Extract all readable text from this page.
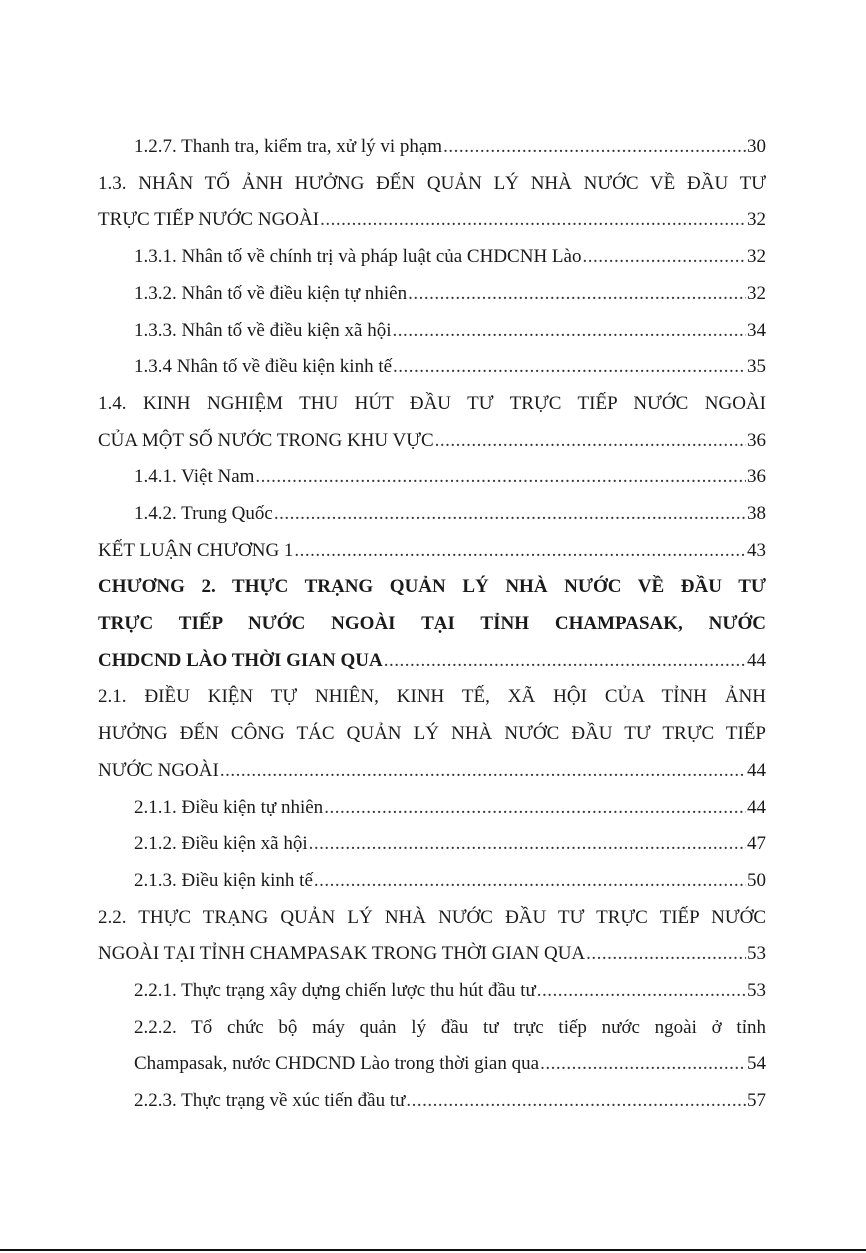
1.2.7. Thanh tra, kiểm tra, xử lý vi phạm .....	30
1.3. NHÂN TỐ ẢNH HƯỞNG ĐẾN QUẢN LÝ NHÀ NƯỚC VỀ ĐẦU TƯ
TRỰC TIẾP NƯỚC NGOÀI .....	32
1.3.1. Nhân tố về chính trị và pháp luật của CHDCNH Lào .....	32
1.3.2. Nhân tố về điều kiện tự nhiên .....	32
1.3.3. Nhân tố về điều kiện xã hội .....	34
1.3.4 Nhân tố về điều kiện kinh tế .....	35
1.4. KINH NGHIỆM THU HÚT ĐẦU TƯ TRỰC TIẾP NƯỚC NGOÀI
CỦA MỘT SỐ NƯỚC TRONG KHU VỰC .....	36
1.4.1. Việt Nam .....	36
1.4.2. Trung Quốc .....	38
KẾT LUẬN CHƯƠNG 1 .....	43
CHƯƠNG 2. THỰC TRẠNG QUẢN LÝ NHÀ NƯỚC VỀ ĐẦU TƯ
TRỰC TIẾP NƯỚC NGOÀI TẠI TỈNH CHAMPASAK, NƯỚC
CHDCND LÀO THỜI GIAN QUA .....	44
2.1. ĐIỀU KIỆN TỰ NHIÊN, KINH TẾ, XÃ HỘI CỦA TỈNH ẢNH
HƯỞNG ĐẾN CÔNG TÁC QUẢN LÝ NHÀ NƯỚC ĐẦU TƯ TRỰC TIẾP
NƯỚC NGOÀI .....	44
2.1.1. Điều kiện tự nhiên .....	44
2.1.2. Điều kiện xã hội .....	47
2.1.3. Điều kiện kinh tế .....	50
2.2. THỰC TRẠNG QUẢN LÝ NHÀ NƯỚC ĐẦU TƯ TRỰC TIẾP NƯỚC
NGOÀI TẠI TỈNH CHAMPASAK TRONG THỜI GIAN QUA .....	53
2.2.1. Thực trạng xây dựng chiến lược thu hút đầu tư .....	53
2.2.2. Tổ chức bộ máy quản lý đầu tư trực tiếp nước ngoài ở tỉnh
Champasak, nước CHDCND Lào trong thời gian qua .....	54
2.2.3. Thực trạng về xúc tiến đầu tư .....	57
